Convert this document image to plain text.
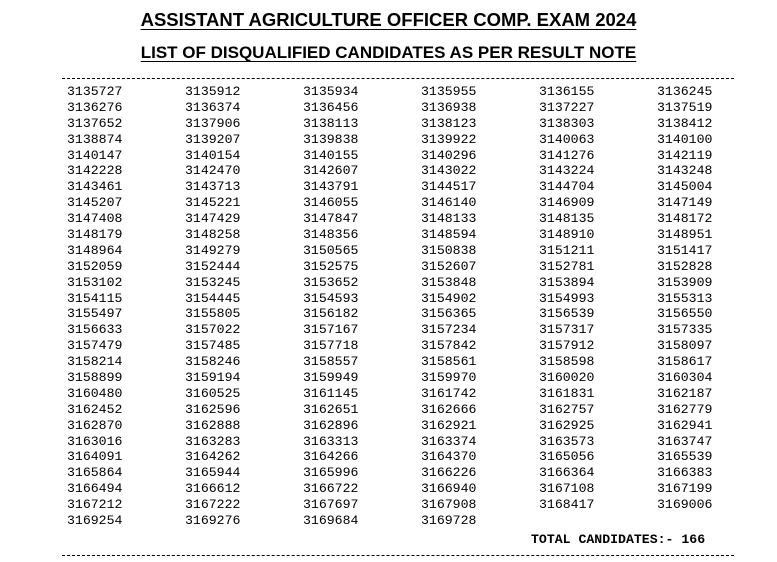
ASSISTANT AGRICULTURE OFFICER COMP. EXAM 2024
LIST OF DISQUALIFIED CANDIDATES AS PER RESULT NOTE
3135727	3135912	3135934	3135955	3136155	3136245
3136276	3136374	3136456	3136938	3137227	3137519
3137652	3137906	3138113	3138123	3138303	3138412
3138874	3139207	3139838	3139922	3140063	3140100
3140147	3140154	3140155	3140296	3141276	3142119
3142228	3142470	3142607	3143022	3143224	3143248
3143461	3143713	3143791	3144517	3144704	3145004
3145207	3145221	3146055	3146140	3146909	3147149
3147408	3147429	3147847	3148133	3148135	3148172
3148179	3148258	3148356	3148594	3148910	3148951
3148964	3149279	3150565	3150838	3151211	3151417
3152059	3152444	3152575	3152607	3152781	3152828
3153102	3153245	3153652	3153848	3153894	3153909
3154115	3154445	3154593	3154902	3154993	3155313
3155497	3155805	3156182	3156365	3156539	3156550
3156633	3157022	3157167	3157234	3157317	3157335
3157479	3157485	3157718	3157842	3157912	3158097
3158214	3158246	3158557	3158561	3158598	3158617
3158899	3159194	3159949	3159970	3160020	3160304
3160480	3160525	3161145	3161742	3161831	3162187
3162452	3162596	3162651	3162666	3162757	3162779
3162870	3162888	3162896	3162921	3162925	3162941
3163016	3163283	3163313	3163374	3163573	3163747
3164091	3164262	3164266	3164370	3165056	3165539
3165864	3165944	3165996	3166226	3166364	3166383
3166494	3166612	3166722	3166940	3167108	3167199
3167212	3167222	3167697	3167908	3168417	3169006
3169254	3169276	3169684	3169728
TOTAL CANDIDATES:- 166
